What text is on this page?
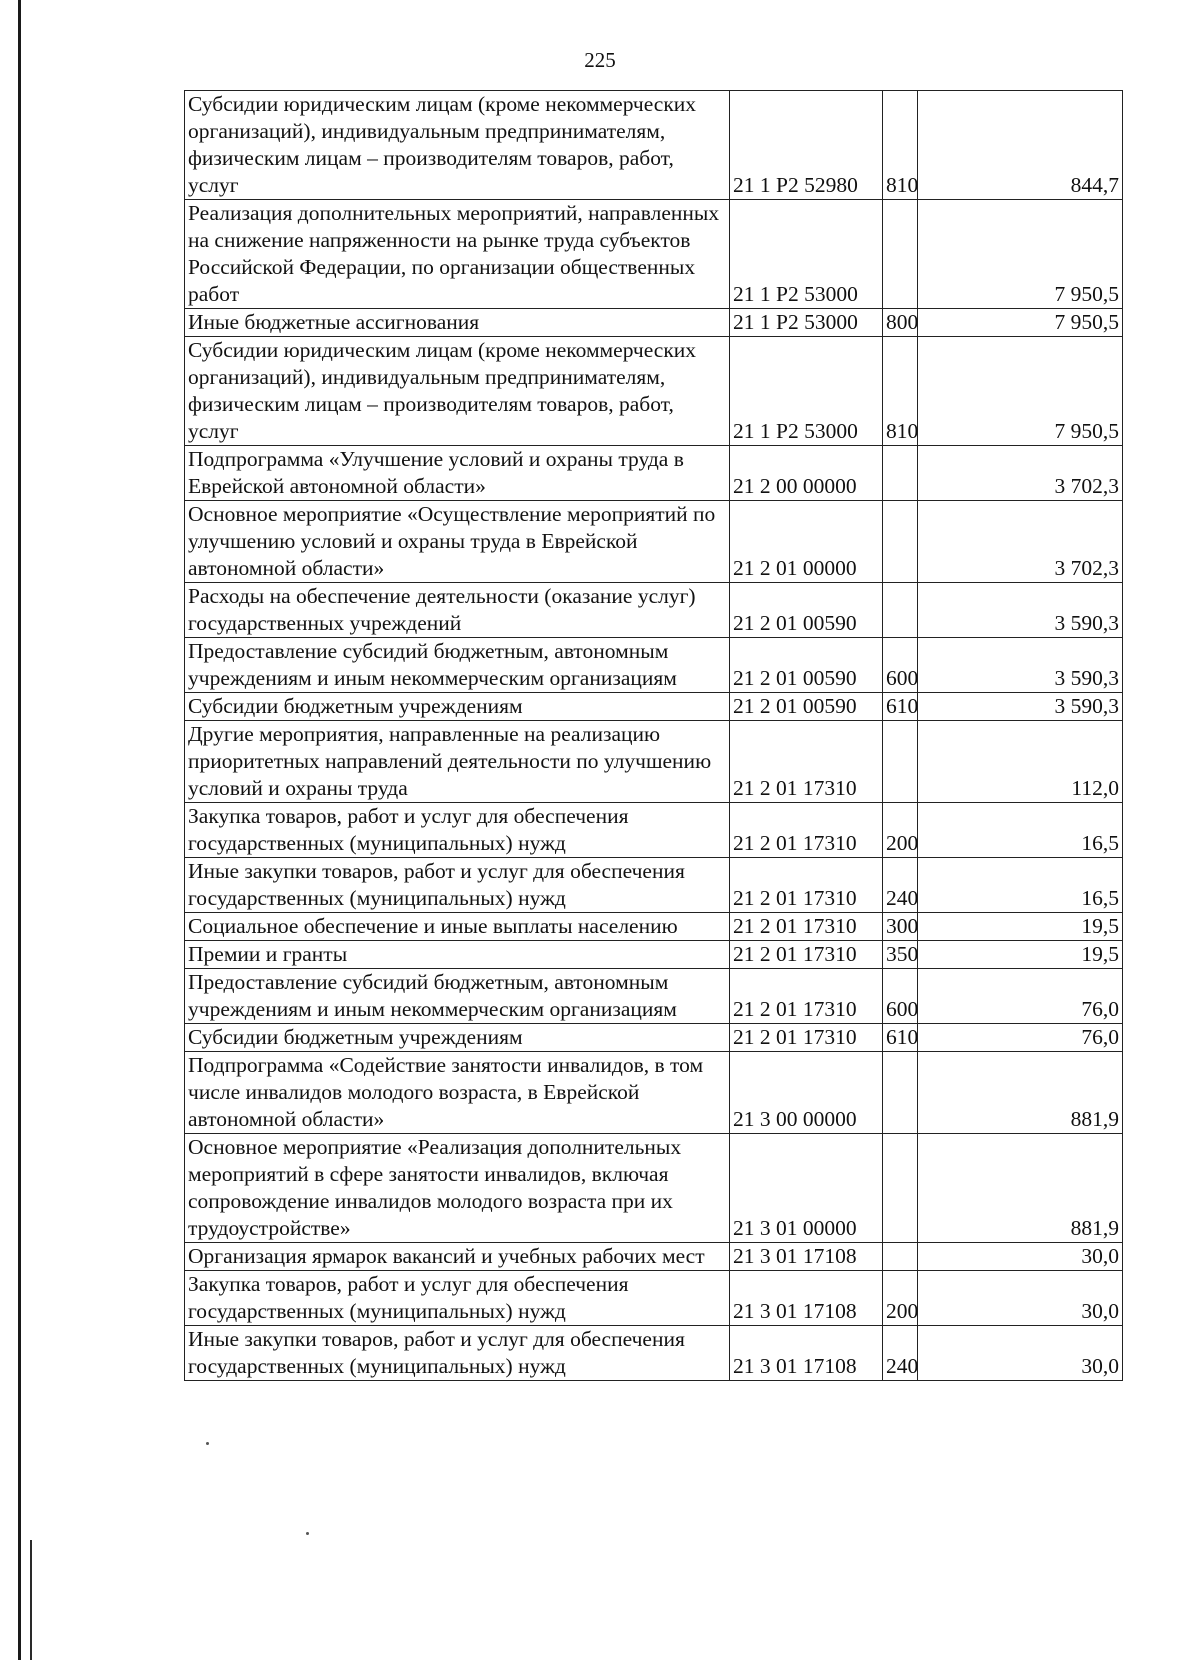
225
Субсидии юридическим лицам (кроме некоммерческих организаций), индивидуальным предпринимателям, физическим лицам – производителям товаров, работ, услуг	21 1 P2 52980	810	844,7
Реализация дополнительных мероприятий, направленных на снижение напряженности на рынке труда субъектов Российской Федерации, по организации общественных работ	21 1 P2 53000		7 950,5
Иные бюджетные ассигнования	21 1 P2 53000	800	7 950,5
Субсидии юридическим лицам (кроме некоммерческих организаций), индивидуальным предпринимателям, физическим лицам – производителям товаров, работ, услуг	21 1 P2 53000	810	7 950,5
Подпрограмма «Улучшение условий и охраны труда в Еврейской автономной области»	21 2 00 00000		3 702,3
Основное мероприятие «Осуществление мероприятий по улучшению условий и охраны труда в Еврейской автономной области»	21 2 01 00000		3 702,3
Расходы на обеспечение деятельности (оказание услуг) государственных учреждений	21 2 01 00590		3 590,3
Предоставление субсидий бюджетным, автономным учреждениям и иным некоммерческим организациям	21 2 01 00590	600	3 590,3
Субсидии бюджетным учреждениям	21 2 01 00590	610	3 590,3
Другие мероприятия, направленные на реализацию приоритетных направлений деятельности по улучшению условий и охраны труда	21 2 01 17310		112,0
Закупка товаров, работ и услуг для обеспечения государственных (муниципальных) нужд	21 2 01 17310	200	16,5
Иные закупки товаров, работ и услуг для обеспечения государственных (муниципальных) нужд	21 2 01 17310	240	16,5
Социальное обеспечение и иные выплаты населению	21 2 01 17310	300	19,5
Премии и гранты	21 2 01 17310	350	19,5
Предоставление субсидий бюджетным, автономным учреждениям и иным некоммерческим организациям	21 2 01 17310	600	76,0
Субсидии бюджетным учреждениям	21 2 01 17310	610	76,0
Подпрограмма «Содействие занятости инвалидов, в том числе инвалидов молодого возраста, в Еврейской автономной области»	21 3 00 00000		881,9
Основное мероприятие «Реализация дополнительных мероприятий в сфере занятости инвалидов, включая сопровождение инвалидов молодого возраста при их трудоустройстве»	21 3 01 00000		881,9
Организация ярмарок вакансий и учебных рабочих мест	21 3 01 17108		30,0
Закупка товаров, работ и услуг для обеспечения государственных (муниципальных) нужд	21 3 01 17108	200	30,0
Иные закупки товаров, работ и услуг для обеспечения государственных (муниципальных) нужд	21 3 01 17108	240	30,0
